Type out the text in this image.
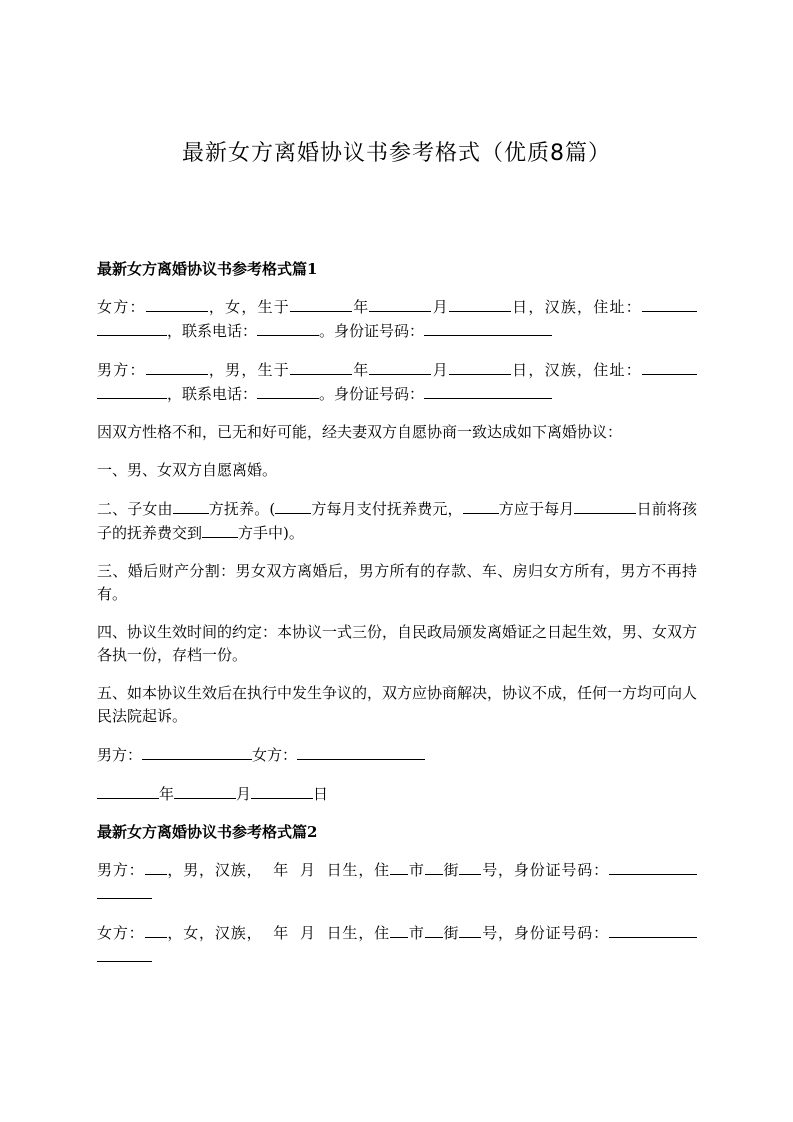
最新女方离婚协议书参考格式（优质8篇）
最新女方离婚协议书参考格式篇1

女方：	，女，生于	年	月	日，汉族，住址：，联系电话：	。身份证号码：

男方：	，男，生于	年	月	日，汉族，住址：，联系电话：	。身份证号码：

因双方性格不和，已无和好可能，经夫妻双方自愿协商一致达成如下离婚协议：

一、男、女双方自愿离婚。

二、子女由 方抚养。( 方每月支付抚养费元， 方应于每月	日前将孩子的抚养费交到 方手中)。

三、婚后财产分割：男女双方离婚后，男方所有的存款、车、房归女方所有，男方不再持有。

四、协议生效时间的约定：本协议一式三份，自民政局颁发离婚证之日起生效，男、女双方各执一份，存档一份。

五、如本协议生效后在执行中发生争议的，双方应协商解决，协议不成，任何一方均可向人民法院起诉。

男方：	女方：

年	月	日

最新女方离婚协议书参考格式篇2

男方： ，男，汉族， 年 月 日生，住 市 街 号，身份证号码：

女方： ，女，汉族， 年 月 日生，住 市 街 号，身份证号码：
